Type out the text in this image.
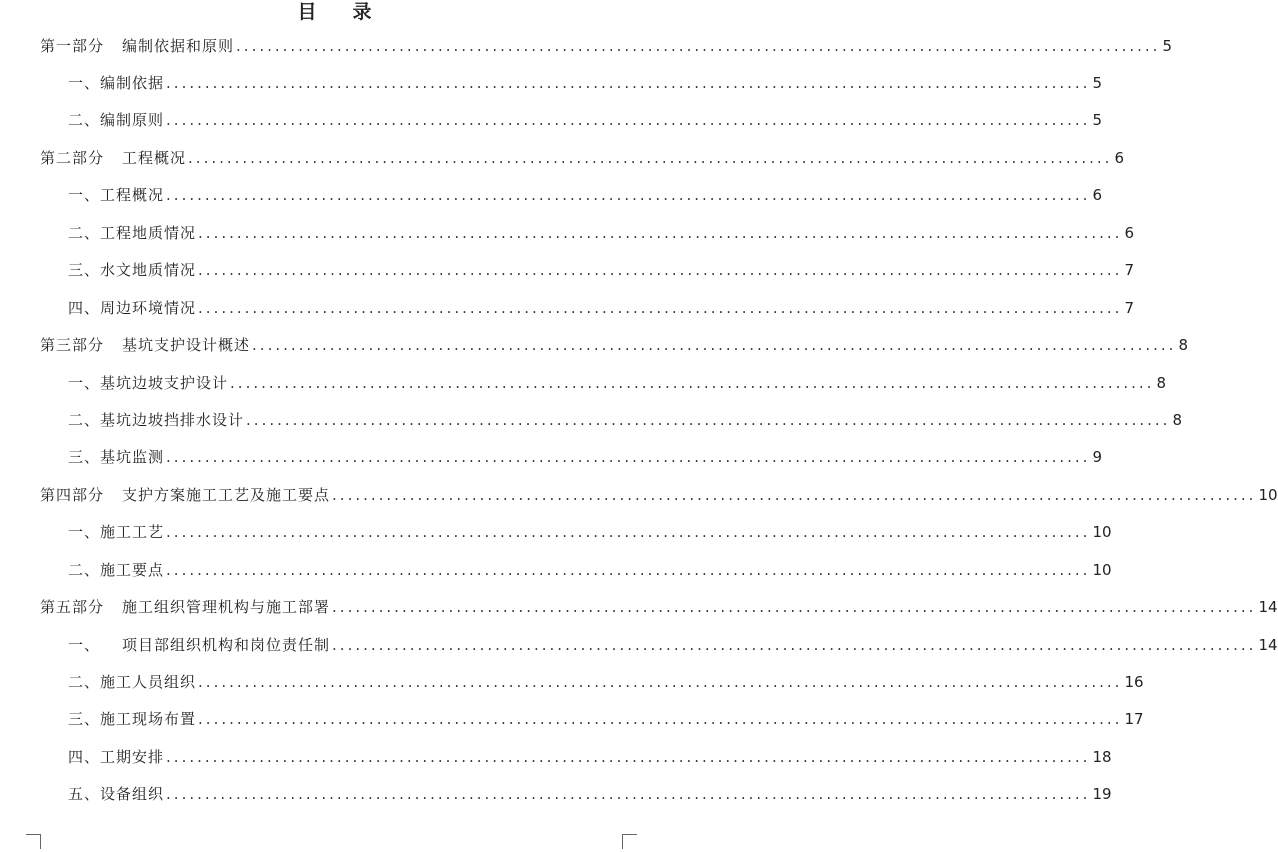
目 录
第一部分 编制依据和原则 ....................................................................................................................... 5
一、编制依据 ....................................................................................................................... 5
二、编制原则 ....................................................................................................................... 5
第二部分 工程概况 ....................................................................................................................... 6
一、工程概况 ....................................................................................................................... 6
二、工程地质情况 ....................................................................................................................... 6
三、水文地质情况 ....................................................................................................................... 7
四、周边环境情况 ....................................................................................................................... 7
第三部分 基坑支护设计概述 ....................................................................................................................... 8
一、基坑边坡支护设计 ....................................................................................................................... 8
二、基坑边坡挡排水设计 ....................................................................................................................... 8
三、基坑监测 ....................................................................................................................... 9
第四部分 支护方案施工工艺及施工要点 ....................................................................................................................... 10
一、施工工艺 ....................................................................................................................... 10
二、施工要点 ....................................................................................................................... 10
第五部分 施工组织管理机构与施工部署 ....................................................................................................................... 14
一、 项目部组织机构和岗位责任制 ....................................................................................................................... 14
二、施工人员组织 ....................................................................................................................... 16
三、施工现场布置 ....................................................................................................................... 17
四、工期安排 ....................................................................................................................... 18
五、设备组织 ....................................................................................................................... 19
